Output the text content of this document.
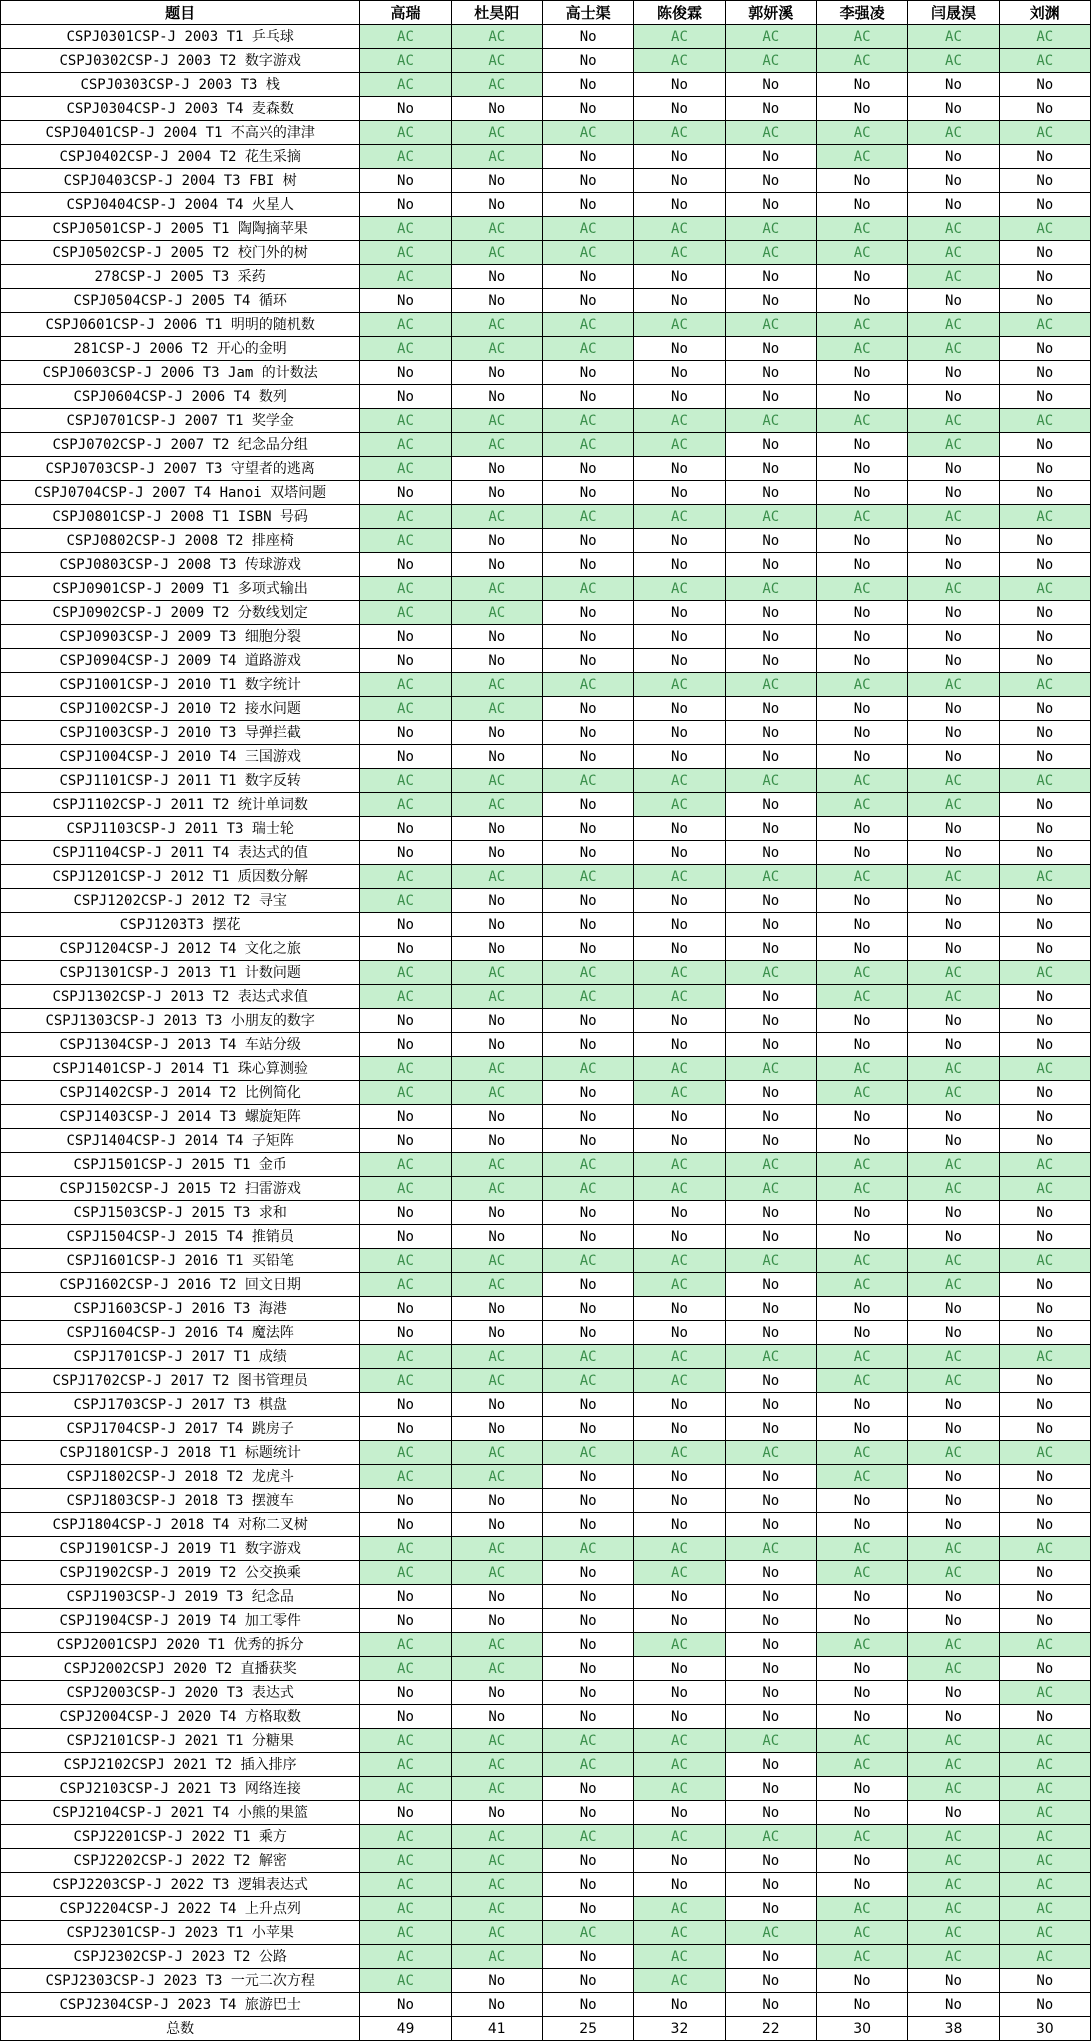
题目	高瑞	杜昊阳	高士渠	陈俊霖	郭妍溪	李强凌	闫晟淏	刘渊
CSPJ0301CSP-J 2003 T1 乒乓球	AC	AC	No	AC	AC	AC	AC	AC
CSPJ0302CSP-J 2003 T2 数字游戏	AC	AC	No	AC	AC	AC	AC	AC
CSPJ0303CSP-J 2003 T3 栈	AC	AC	No	No	No	No	No	No
CSPJ0304CSP-J 2003 T4 麦森数	No	No	No	No	No	No	No	No
CSPJ0401CSP-J 2004 T1 不高兴的津津	AC	AC	AC	AC	AC	AC	AC	AC
CSPJ0402CSP-J 2004 T2 花生采摘	AC	AC	No	No	No	AC	No	No
CSPJ0403CSP-J 2004 T3 FBI 树	No	No	No	No	No	No	No	No
CSPJ0404CSP-J 2004 T4 火星人	No	No	No	No	No	No	No	No
CSPJ0501CSP-J 2005 T1 陶陶摘苹果	AC	AC	AC	AC	AC	AC	AC	AC
CSPJ0502CSP-J 2005 T2 校门外的树	AC	AC	AC	AC	AC	AC	AC	No
278CSP-J 2005 T3 采药	AC	No	No	No	No	No	AC	No
CSPJ0504CSP-J 2005 T4 循环	No	No	No	No	No	No	No	No
CSPJ0601CSP-J 2006 T1 明明的随机数	AC	AC	AC	AC	AC	AC	AC	AC
281CSP-J 2006 T2 开心的金明	AC	AC	AC	No	No	AC	AC	No
CSPJ0603CSP-J 2006 T3 Jam 的计数法	No	No	No	No	No	No	No	No
CSPJ0604CSP-J 2006 T4 数列	No	No	No	No	No	No	No	No
CSPJ0701CSP-J 2007 T1 奖学金	AC	AC	AC	AC	AC	AC	AC	AC
CSPJ0702CSP-J 2007 T2 纪念品分组	AC	AC	AC	AC	No	No	AC	No
CSPJ0703CSP-J 2007 T3 守望者的逃离	AC	No	No	No	No	No	No	No
CSPJ0704CSP-J 2007 T4 Hanoi 双塔问题	No	No	No	No	No	No	No	No
CSPJ0801CSP-J 2008 T1 ISBN 号码	AC	AC	AC	AC	AC	AC	AC	AC
CSPJ0802CSP-J 2008 T2 排座椅	AC	No	No	No	No	No	No	No
CSPJ0803CSP-J 2008 T3 传球游戏	No	No	No	No	No	No	No	No
CSPJ0901CSP-J 2009 T1 多项式输出	AC	AC	AC	AC	AC	AC	AC	AC
CSPJ0902CSP-J 2009 T2 分数线划定	AC	AC	No	No	No	No	No	No
CSPJ0903CSP-J 2009 T3 细胞分裂	No	No	No	No	No	No	No	No
CSPJ0904CSP-J 2009 T4 道路游戏	No	No	No	No	No	No	No	No
CSPJ1001CSP-J 2010 T1 数字统计	AC	AC	AC	AC	AC	AC	AC	AC
CSPJ1002CSP-J 2010 T2 接水问题	AC	AC	No	No	No	No	No	No
CSPJ1003CSP-J 2010 T3 导弹拦截	No	No	No	No	No	No	No	No
CSPJ1004CSP-J 2010 T4 三国游戏	No	No	No	No	No	No	No	No
CSPJ1101CSP-J 2011 T1 数字反转	AC	AC	AC	AC	AC	AC	AC	AC
CSPJ1102CSP-J 2011 T2 统计单词数	AC	AC	No	AC	No	AC	AC	No
CSPJ1103CSP-J 2011 T3 瑞士轮	No	No	No	No	No	No	No	No
CSPJ1104CSP-J 2011 T4 表达式的值	No	No	No	No	No	No	No	No
CSPJ1201CSP-J 2012 T1 质因数分解	AC	AC	AC	AC	AC	AC	AC	AC
CSPJ1202CSP-J 2012 T2 寻宝	AC	No	No	No	No	No	No	No
CSPJ1203T3 摆花	No	No	No	No	No	No	No	No
CSPJ1204CSP-J 2012 T4 文化之旅	No	No	No	No	No	No	No	No
CSPJ1301CSP-J 2013 T1 计数问题	AC	AC	AC	AC	AC	AC	AC	AC
CSPJ1302CSP-J 2013 T2 表达式求值	AC	AC	AC	AC	No	AC	AC	No
CSPJ1303CSP-J 2013 T3 小朋友的数字	No	No	No	No	No	No	No	No
CSPJ1304CSP-J 2013 T4 车站分级	No	No	No	No	No	No	No	No
CSPJ1401CSP-J 2014 T1 珠心算测验	AC	AC	AC	AC	AC	AC	AC	AC
CSPJ1402CSP-J 2014 T2 比例简化	AC	AC	No	AC	No	AC	AC	No
CSPJ1403CSP-J 2014 T3 螺旋矩阵	No	No	No	No	No	No	No	No
CSPJ1404CSP-J 2014 T4 子矩阵	No	No	No	No	No	No	No	No
CSPJ1501CSP-J 2015 T1 金币	AC	AC	AC	AC	AC	AC	AC	AC
CSPJ1502CSP-J 2015 T2 扫雷游戏	AC	AC	AC	AC	AC	AC	AC	AC
CSPJ1503CSP-J 2015 T3 求和	No	No	No	No	No	No	No	No
CSPJ1504CSP-J 2015 T4 推销员	No	No	No	No	No	No	No	No
CSPJ1601CSP-J 2016 T1 买铅笔	AC	AC	AC	AC	AC	AC	AC	AC
CSPJ1602CSP-J 2016 T2 回文日期	AC	AC	No	AC	No	AC	AC	No
CSPJ1603CSP-J 2016 T3 海港	No	No	No	No	No	No	No	No
CSPJ1604CSP-J 2016 T4 魔法阵	No	No	No	No	No	No	No	No
CSPJ1701CSP-J 2017 T1 成绩	AC	AC	AC	AC	AC	AC	AC	AC
CSPJ1702CSP-J 2017 T2 图书管理员	AC	AC	AC	AC	No	AC	AC	No
CSPJ1703CSP-J 2017 T3 棋盘	No	No	No	No	No	No	No	No
CSPJ1704CSP-J 2017 T4 跳房子	No	No	No	No	No	No	No	No
CSPJ1801CSP-J 2018 T1 标题统计	AC	AC	AC	AC	AC	AC	AC	AC
CSPJ1802CSP-J 2018 T2 龙虎斗	AC	AC	No	No	No	AC	No	No
CSPJ1803CSP-J 2018 T3 摆渡车	No	No	No	No	No	No	No	No
CSPJ1804CSP-J 2018 T4 对称二叉树	No	No	No	No	No	No	No	No
CSPJ1901CSP-J 2019 T1 数字游戏	AC	AC	AC	AC	AC	AC	AC	AC
CSPJ1902CSP-J 2019 T2 公交换乘	AC	AC	No	AC	No	AC	AC	No
CSPJ1903CSP-J 2019 T3 纪念品	No	No	No	No	No	No	No	No
CSPJ1904CSP-J 2019 T4 加工零件	No	No	No	No	No	No	No	No
CSPJ2001CSPJ 2020 T1 优秀的拆分	AC	AC	No	AC	No	AC	AC	AC
CSPJ2002CSPJ 2020 T2 直播获奖	AC	AC	No	No	No	No	AC	No
CSPJ2003CSP-J 2020 T3 表达式	No	No	No	No	No	No	No	AC
CSPJ2004CSP-J 2020 T4 方格取数	No	No	No	No	No	No	No	No
CSPJ2101CSP-J 2021 T1 分糖果	AC	AC	AC	AC	AC	AC	AC	AC
CSPJ2102CSPJ 2021 T2 插入排序	AC	AC	AC	AC	No	AC	AC	AC
CSPJ2103CSP-J 2021 T3 网络连接	AC	AC	No	AC	No	No	AC	AC
CSPJ2104CSP-J 2021 T4 小熊的果篮	No	No	No	No	No	No	No	AC
CSPJ2201CSP-J 2022 T1 乘方	AC	AC	AC	AC	AC	AC	AC	AC
CSPJ2202CSP-J 2022 T2 解密	AC	AC	No	No	No	No	AC	AC
CSPJ2203CSP-J 2022 T3 逻辑表达式	AC	AC	No	No	No	No	AC	AC
CSPJ2204CSP-J 2022 T4 上升点列	AC	AC	No	AC	No	AC	AC	AC
CSPJ2301CSP-J 2023 T1 小苹果	AC	AC	AC	AC	AC	AC	AC	AC
CSPJ2302CSP-J 2023 T2 公路	AC	AC	No	AC	No	AC	AC	AC
CSPJ2303CSP-J 2023 T3 一元二次方程	AC	No	No	AC	No	No	No	No
CSPJ2304CSP-J 2023 T4 旅游巴士	No	No	No	No	No	No	No	No
总数	49	41	25	32	22	30	38	30
